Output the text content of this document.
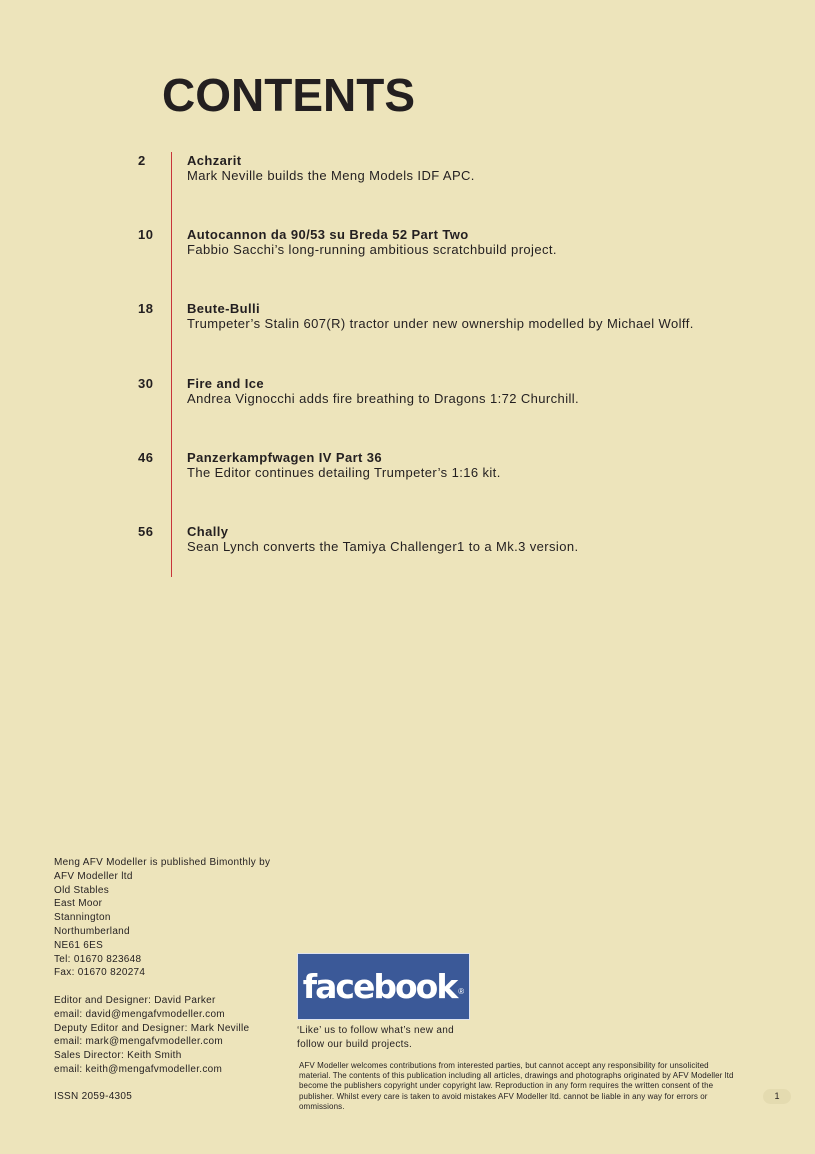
CONTENTS
2	Achzarit
Mark Neville builds the Meng Models IDF APC.
10	Autocannon da 90/53 su Breda 52 Part Two
Fabbio Sacchi’s long-running ambitious scratchbuild project.
18	Beute-Bulli
Trumpeter’s Stalin 607(R) tractor under new ownership modelled by Michael Wolff.
30	Fire and Ice
Andrea Vignocchi adds fire breathing to Dragons 1:72 Churchill.
46	Panzerkampfwagen IV Part 36
The Editor continues detailing Trumpeter’s 1:16 kit.
56	Chally
Sean Lynch converts the Tamiya Challenger1 to a Mk.3 version.
Meng AFV Modeller is published Bimonthly by
AFV Modeller ltd
Old Stables
East Moor
Stannington
Northumberland
NE61 6ES
Tel: 01670 823648
Fax: 01670 820274
Editor and Designer: David Parker
email: david@mengafvmodeller.com
Deputy Editor and Designer: Mark Neville
email: mark@mengafvmodeller.com
Sales Director: Keith Smith
email: keith@mengafvmodeller.com
ISSN 2059-4305
facebook $_®$
‘Like’ us to follow what’s new and
follow our build projects.
AFV Modeller welcomes contributions from interested parties, but cannot accept any responsibility for unsolicited material. The contents of this publication including all articles, drawings and photographs originated by AFV Modeller ltd become the publishers copyright under copyright law. Reproduction in any form requires the written consent of the publisher. Whilst every care is taken to avoid mistakes AFV Modeller ltd. cannot be liable in any way for errors or ommissions.
1
